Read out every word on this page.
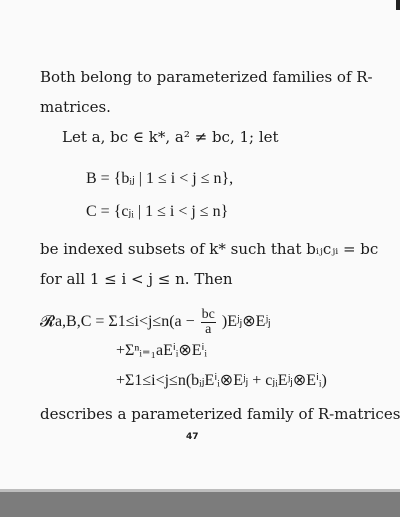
Both belong to parameterized families of R-
matrices.
Let a, bc ∈ k*, a² ≠ bc, 1; let
B = {bᵢⱼ | 1 ≤ i < j ≤ n},
C = {cⱼᵢ | 1 ≤ i < j ≤ n}
be indexed subsets of k* such that bᵢⱼcⱼᵢ = bc
for all 1 ≤ i < j ≤ n. Then
𝓡a,B,C = $\Sigma 1\le i<j\le n(a - \frac{bc}{a}$ )Eʲⱼ⊗Eʲⱼ
+Σⁿᵢ₌₁aEⁱᵢ⊗Eⁱᵢ
+Σ1≤i<j≤n(bᵢⱼEⁱᵢ⊗Eʲⱼ + cⱼᵢEʲⱼ⊗Eⁱᵢ)
describes a parameterized family of R-matrices
47
